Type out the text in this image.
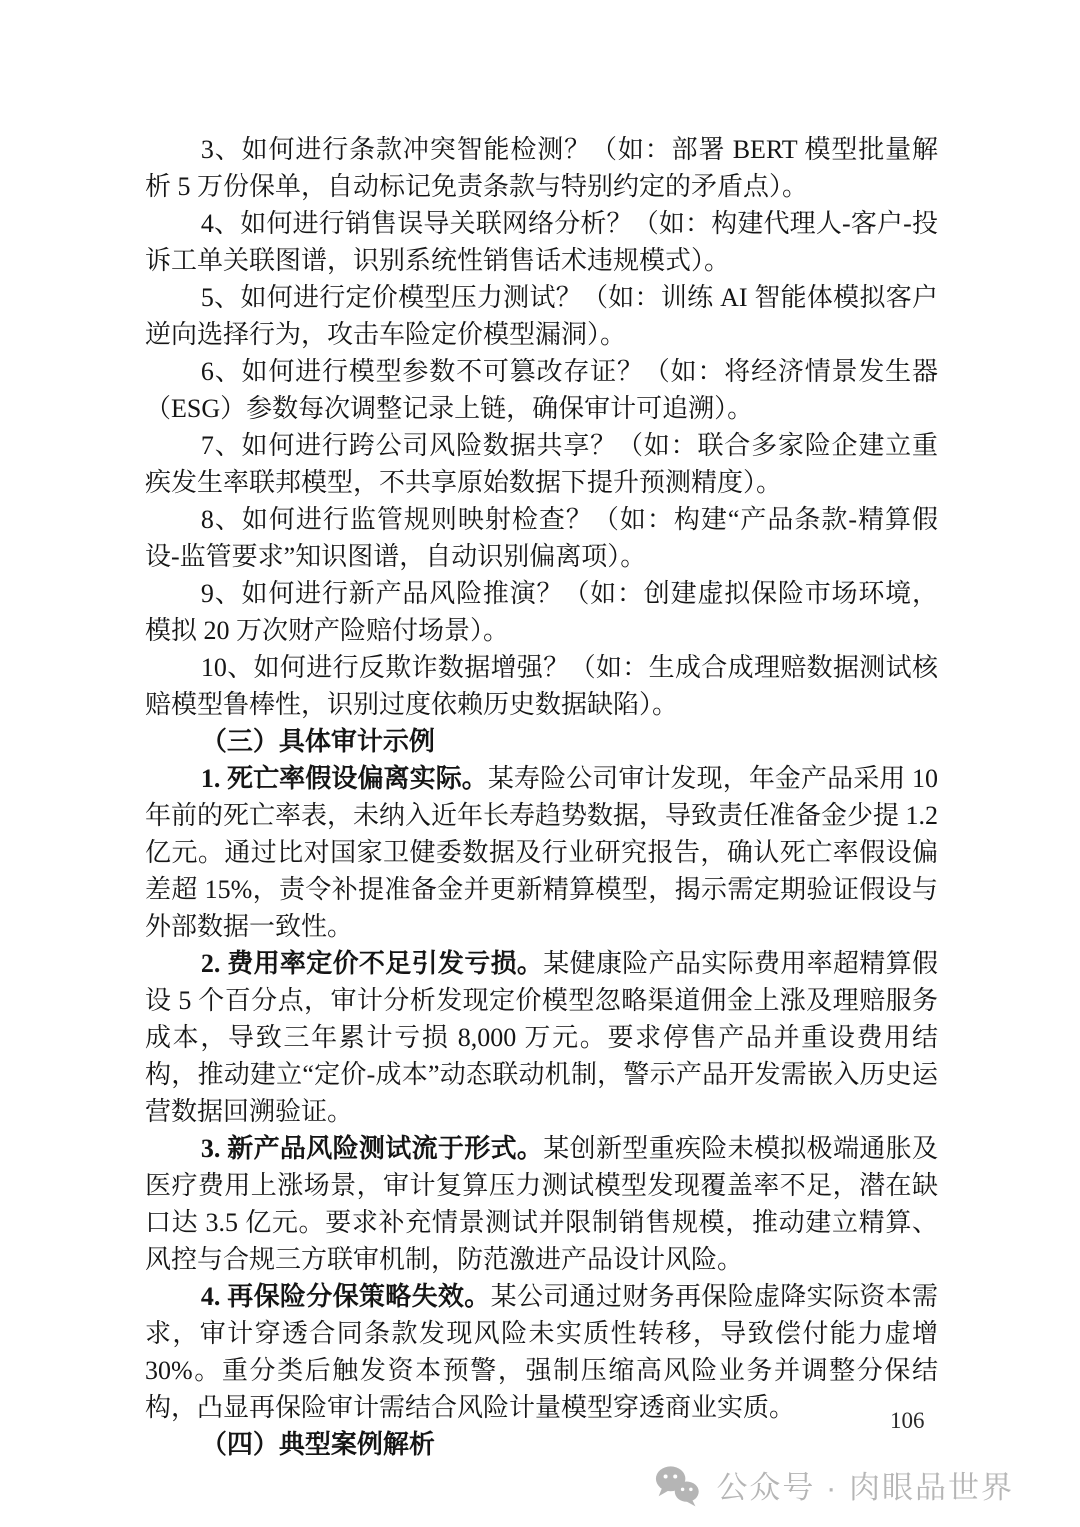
3、如何进行条款冲突智能检测？（如：部署 BERT 模型批量解析 5 万份保单，自动标记免责条款与特别约定的矛盾点）。

4、如何进行销售误导关联网络分析？（如：构建代理人-客户-投诉工单关联图谱，识别系统性销售话术违规模式）。

5、如何进行定价模型压力测试？（如：训练 AI 智能体模拟客户逆向选择行为，攻击车险定价模型漏洞）。

6、如何进行模型参数不可篡改存证？（如：将经济情景发生器（ESG）参数每次调整记录上链，确保审计可追溯）。

7、如何进行跨公司风险数据共享？（如：联合多家险企建立重疾发生率联邦模型，不共享原始数据下提升预测精度）。

8、如何进行监管规则映射检查？（如：构建“产品条款-精算假设-监管要求”知识图谱，自动识别偏离项）。

9、如何进行新产品风险推演？（如：创建虚拟保险市场环境，模拟 20 万次财产险赔付场景）。

10、如何进行反欺诈数据增强？（如：生成合成理赔数据测试核赔模型鲁棒性，识别过度依赖历史数据缺陷）。

（三）具体审计示例

1. 死亡率假设偏离实际。某寿险公司审计发现，年金产品采用 10 年前的死亡率表，未纳入近年长寿趋势数据，导致责任准备金少提 1.2 亿元。通过比对国家卫健委数据及行业研究报告，确认死亡率假设偏差超 15%，责令补提准备金并更新精算模型，揭示需定期验证假设与外部数据一致性。

2. 费用率定价不足引发亏损。某健康险产品实际费用率超精算假设 5 个百分点，审计分析发现定价模型忽略渠道佣金上涨及理赔服务成本，导致三年累计亏损 8,000 万元。要求停售产品并重设费用结构，推动建立“定价-成本”动态联动机制，警示产品开发需嵌入历史运营数据回溯验证。

3. 新产品风险测试流于形式。某创新型重疾险未模拟极端通胀及医疗费用上涨场景，审计复算压力测试模型发现覆盖率不足，潜在缺口达 3.5 亿元。要求补充情景测试并限制销售规模，推动建立精算、风控与合规三方联审机制，防范激进产品设计风险。

4. 再保险分保策略失效。某公司通过财务再保险虚降实际资本需求，审计穿透合同条款发现风险未实质性转移，导致偿付能力虚增 30%。重分类后触发资本预警，强制压缩高风险业务并调整分保结构，凸显再保险审计需结合风险计量模型穿透商业实质。

（四）典型案例解析

106
公众号 · 肉眼品世界
